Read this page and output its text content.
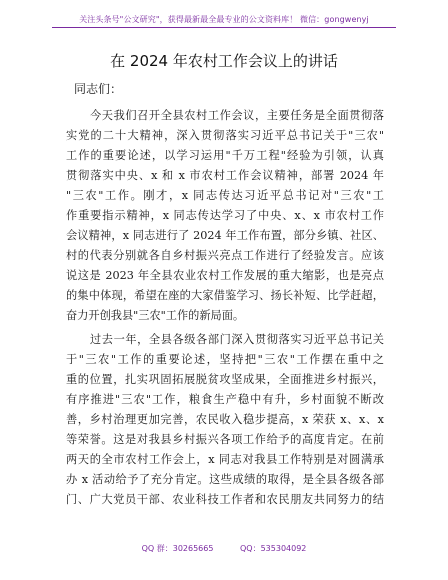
关注头条号"公文研究"，获得最新最全最专业的公文资料库！ 微信：gongwenyj
在 2024 年农村工作会议上的讲话
同志们：
今天我们召开全县农村工作会议，主要任务是全面贯彻落
实党的二十大精神，深入贯彻落实习近平总书记关于"三农"
工作的重要论述，以学习运用"千万工程"经验为引领，认真
贯彻落实中央、x 和 x 市农村工作会议精神，部署 2024 年
"三农"工作。刚才，x 同志传达习近平总书记对"三农"工
作重要指示精神，x 同志传达学习了中央、x、x 市农村工作
会议精神，x 同志进行了 2024 年工作布置，部分乡镇、社区、
村的代表分别就各自乡村振兴亮点工作进行了经验发言。应该
说这是 2023 年全县农业农村工作发展的重大缩影，也是亮点
的集中体现，希望在座的大家借鉴学习、扬长补短、比学赶超，
奋力开创我县"三农"工作的新局面。
过去一年，全县各级各部门深入贯彻落实习近平总书记关
于"三农"工作的重要论述，坚持把"三农"工作摆在重中之
重的位置，扎实巩固拓展脱贫攻坚成果，全面推进乡村振兴，
有序推进"三农"工作，粮食生产稳中有升，乡村面貌不断改
善，乡村治理更加完善，农民收入稳步提高，x 荣获 x、x、x
等荣誉。这是对我县乡村振兴各项工作给予的高度肯定。在前
两天的全市农村工作会上，x 同志对我县工作特别是对圆满承
办 x 活动给予了充分肯定。这些成绩的取得，是全县各级各部
门、广大党员干部、农业科技工作者和农民朋友共同努力的结
QQ 群：30265665	QQ：535304092
